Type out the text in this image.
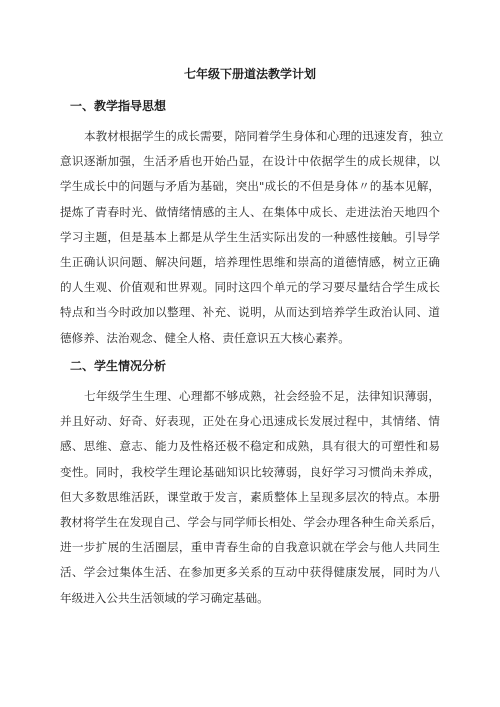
七年级下册道法教学计划
一、教学指导思想
本教材根据学生的成长需要，陪同着学生身体和心理的迅速发育，独立
意识逐渐加强，生活矛盾也开始凸显，在设计中依据学生的成长规律，以
学生成长中的问题与矛盾为基础，突出"成长的不但是身体〃的基本见解，
提炼了青春时光、做情绪情感的主人、在集体中成长、走进法治天地四个
学习主题，但是基本上都是从学生生活实际出发的一种感性接触。引导学
生正确认识问题、解决问题，培养理性思维和崇高的道德情感，树立正确
的人生观、价值观和世界观。同时这四个单元的学习要尽量结合学生成长
特点和当今时政加以整理、补充、说明，从而达到培养学生政治认同、道
德修养、法治观念、健全人格、责任意识五大核心素养。
二、学生情况分析
七年级学生生理、心理都不够成熟，社会经验不足，法律知识薄弱，
并且好动、好奇、好表现，正处在身心迅速成长发展过程中，其情绪、情
感、思维、意志、能力及性格还极不稳定和成熟，具有很大的可塑性和易
变性。同时，我校学生理论基础知识比较薄弱，良好学习习惯尚未养成，
但大多数思维活跃，课堂敢于发言，素质整体上呈现多层次的特点。本册
教材将学生在发现自己、学会与同学师长相处、学会办理各种生命关系后，
进一步扩展的生活圈层，重申青春生命的自我意识就在学会与他人共同生
活、学会过集体生活、在参加更多关系的互动中获得健康发展，同时为八
年级进入公共生活领域的学习确定基础。
